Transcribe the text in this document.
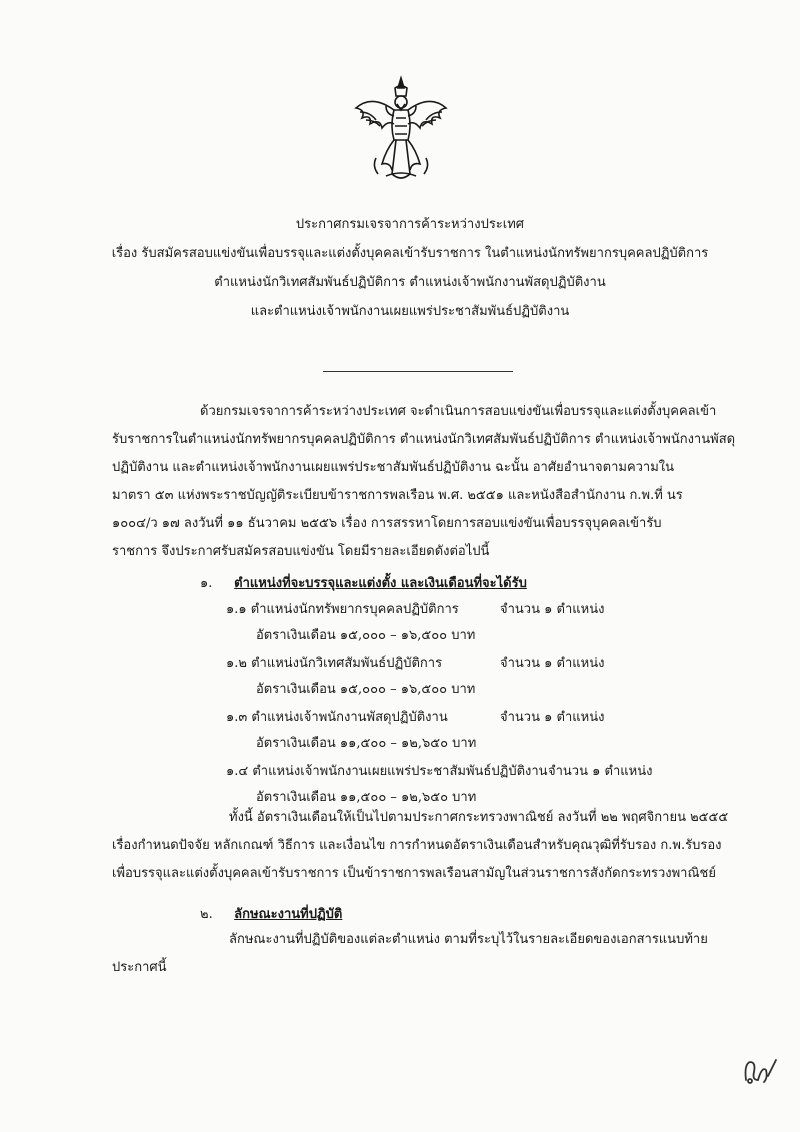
ประกาศกรมเจรจาการค้าระหว่างประเทศ
เรื่อง รับสมัครสอบแข่งขันเพื่อบรรจุและแต่งตั้งบุคคลเข้ารับราชการ ในตำแหน่งนักทรัพยากรบุคคลปฏิบัติการ
ตำแหน่งนักวิเทศสัมพันธ์ปฏิบัติการ ตำแหน่งเจ้าพนักงานพัสดุปฏิบัติงาน
และตำแหน่งเจ้าพนักงานเผยแพร่ประชาสัมพันธ์ปฏิบัติงาน
ด้วยกรมเจรจาการค้าระหว่างประเทศ จะดำเนินการสอบแข่งขันเพื่อบรรจุและแต่งตั้งบุคคลเข้า
รับราชการในตำแหน่งนักทรัพยากรบุคคลปฏิบัติการ ตำแหน่งนักวิเทศสัมพันธ์ปฏิบัติการ ตำแหน่งเจ้าพนักงานพัสดุ
ปฏิบัติงาน และตำแหน่งเจ้าพนักงานเผยแพร่ประชาสัมพันธ์ปฏิบัติงาน ฉะนั้น อาศัยอำนาจตามความใน
มาตรา ๕๓ แห่งพระราชบัญญัติระเบียบข้าราชการพลเรือน พ.ศ. ๒๕๕๑ และหนังสือสำนักงาน ก.พ.ที่ นร
๑๐๐๔/ว ๑๗ ลงวันที่ ๑๑ ธันวาคม ๒๕๕๖ เรื่อง การสรรหาโดยการสอบแข่งขันเพื่อบรรจุบุคคลเข้ารับ
ราชการ จึงประกาศรับสมัครสอบแข่งขัน โดยมีรายละเอียดดังต่อไปนี้
๑. ตำแหน่งที่จะบรรจุและแต่งตั้ง และเงินเดือนที่จะได้รับ
๑.๑ ตำแหน่งนักทรัพยากรบุคคลปฏิบัติการ	จำนวน ๑ ตำแหน่ง
อัตราเงินเดือน ๑๕,๐๐๐ – ๑๖,๕๐๐ บาท
๑.๒ ตำแหน่งนักวิเทศสัมพันธ์ปฏิบัติการ	จำนวน ๑ ตำแหน่ง
อัตราเงินเดือน ๑๕,๐๐๐ – ๑๖,๕๐๐ บาท
๑.๓ ตำแหน่งเจ้าพนักงานพัสดุปฏิบัติงาน	จำนวน ๑ ตำแหน่ง
อัตราเงินเดือน ๑๑,๕๐๐ – ๑๒,๖๕๐ บาท
๑.๔ ตำแหน่งเจ้าพนักงานเผยแพร่ประชาสัมพันธ์ปฏิบัติงาน จำนวน ๑ ตำแหน่ง
อัตราเงินเดือน ๑๑,๕๐๐ – ๑๒,๖๕๐ บาท
ทั้งนี้ อัตราเงินเดือนให้เป็นไปตามประกาศกระทรวงพาณิชย์ ลงวันที่ ๒๒ พฤศจิกายน ๒๕๕๕
เรื่องกำหนดปัจจัย หลักเกณฑ์ วิธีการ และเงื่อนไข การกำหนดอัตราเงินเดือนสำหรับคุณวุฒิที่รับรอง ก.พ.รับรอง
เพื่อบรรจุและแต่งตั้งบุคคลเข้ารับราชการ เป็นข้าราชการพลเรือนสามัญในส่วนราชการสังกัดกระทรวงพาณิชย์
๒. ลักษณะงานที่ปฏิบัติ
ลักษณะงานที่ปฏิบัติของแต่ละตำแหน่ง ตามที่ระบุไว้ในรายละเอียดของเอกสารแนบท้าย
ประกาศนี้
